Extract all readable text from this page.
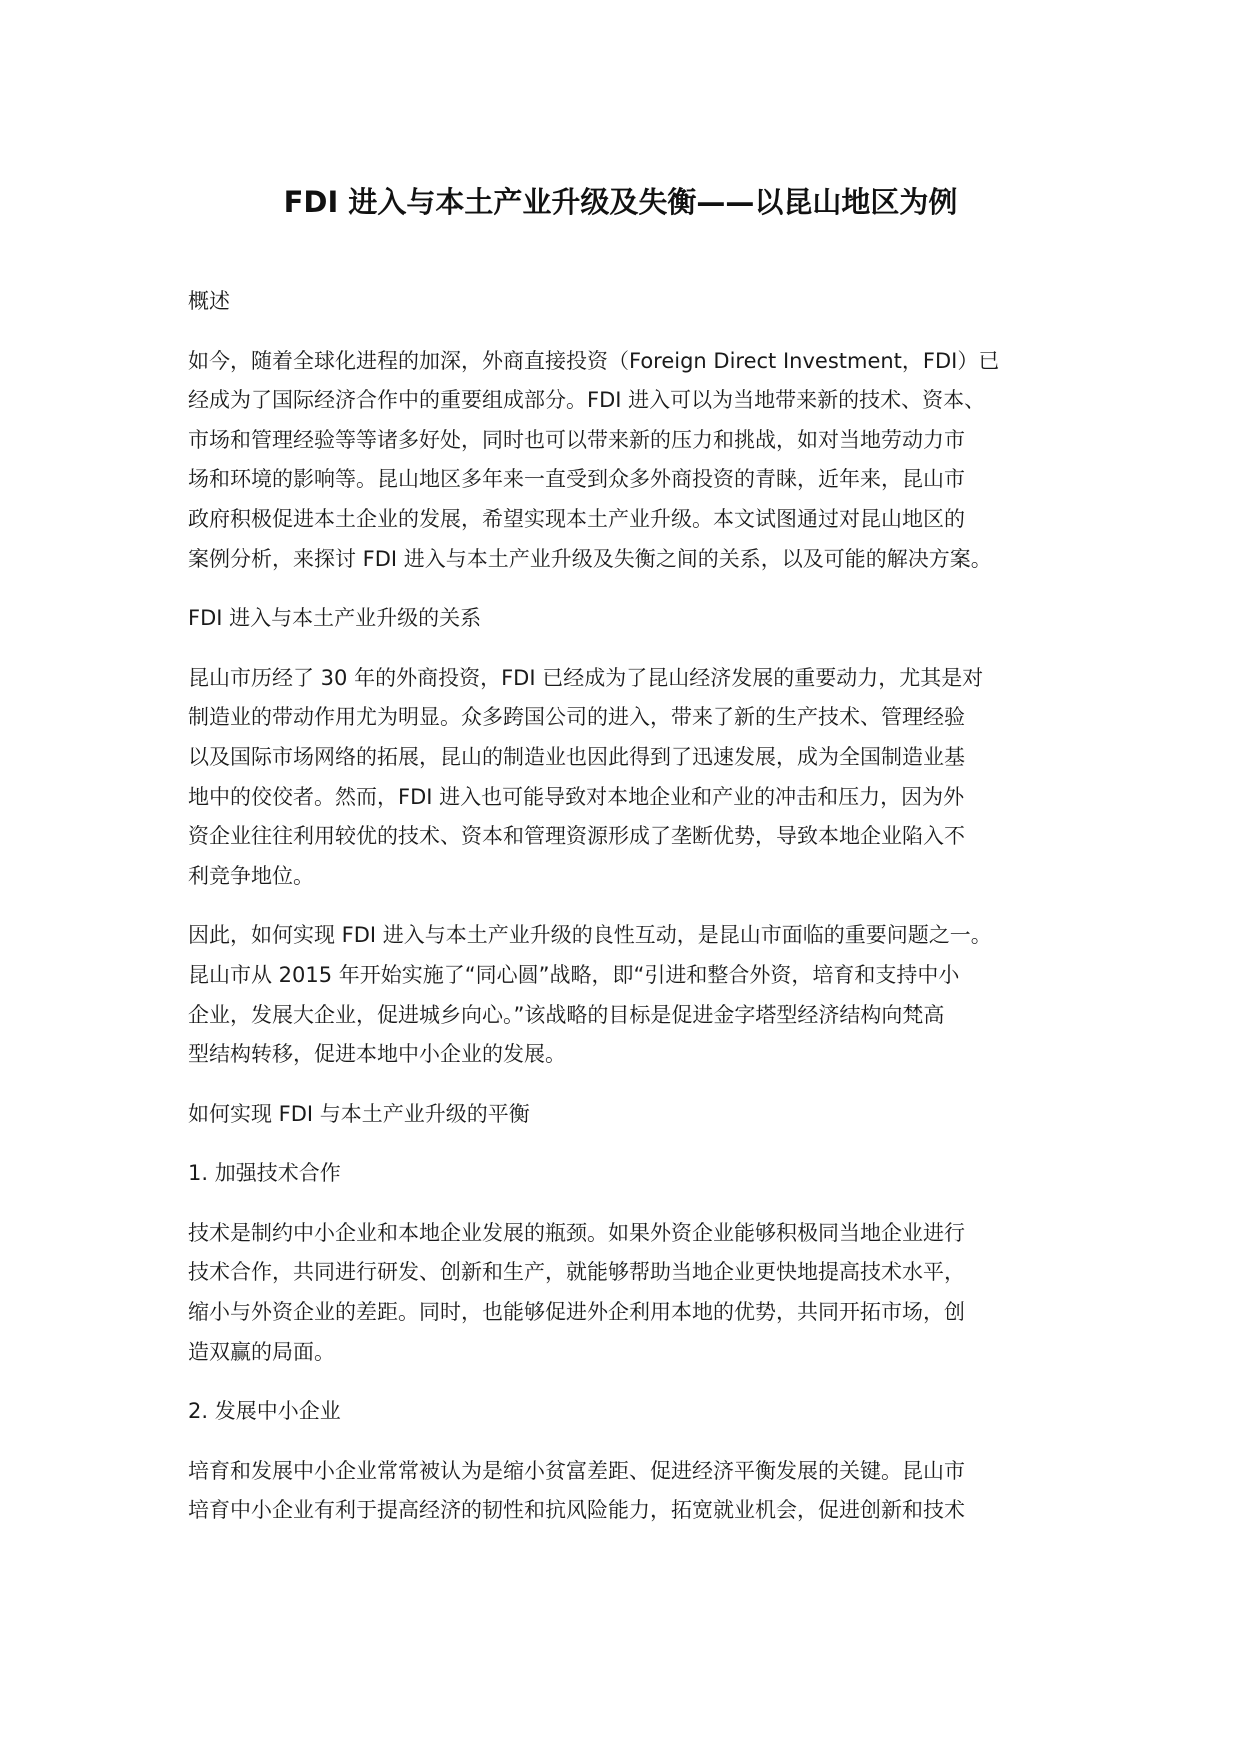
FDI 进入与本土产业升级及失衡——以昆山地区为例

概述

如今，随着全球化进程的加深，外商直接投资（Foreign Direct Investment，FDI）已
经成为了国际经济合作中的重要组成部分。FDI 进入可以为当地带来新的技术、资本、
市场和管理经验等等诸多好处，同时也可以带来新的压力和挑战，如对当地劳动力市
场和环境的影响等。昆山地区多年来一直受到众多外商投资的青睐，近年来，昆山市
政府积极促进本土企业的发展，希望实现本土产业升级。本文试图通过对昆山地区的
案例分析，来探讨 FDI 进入与本土产业升级及失衡之间的关系，以及可能的解决方案。

FDI 进入与本土产业升级的关系

昆山市历经了 30 年的外商投资，FDI 已经成为了昆山经济发展的重要动力，尤其是对
制造业的带动作用尤为明显。众多跨国公司的进入，带来了新的生产技术、管理经验
以及国际市场网络的拓展，昆山的制造业也因此得到了迅速发展，成为全国制造业基
地中的佼佼者。然而，FDI 进入也可能导致对本地企业和产业的冲击和压力，因为外
资企业往往利用较优的技术、资本和管理资源形成了垄断优势，导致本地企业陷入不
利竞争地位。

因此，如何实现 FDI 进入与本土产业升级的良性互动，是昆山市面临的重要问题之一。
昆山市从 2015 年开始实施了“同心圆”战略，即“引进和整合外资，培育和支持中小
企业，发展大企业，促进城乡向心。”该战略的目标是促进金字塔型经济结构向梵高
型结构转移，促进本地中小企业的发展。

如何实现 FDI 与本土产业升级的平衡

1. 加强技术合作

技术是制约中小企业和本地企业发展的瓶颈。如果外资企业能够积极同当地企业进行
技术合作，共同进行研发、创新和生产，就能够帮助当地企业更快地提高技术水平，
缩小与外资企业的差距。同时，也能够促进外企利用本地的优势，共同开拓市场，创
造双赢的局面。

2. 发展中小企业

培育和发展中小企业常常被认为是缩小贫富差距、促进经济平衡发展的关键。昆山市
培育中小企业有利于提高经济的韧性和抗风险能力，拓宽就业机会，促进创新和技术
